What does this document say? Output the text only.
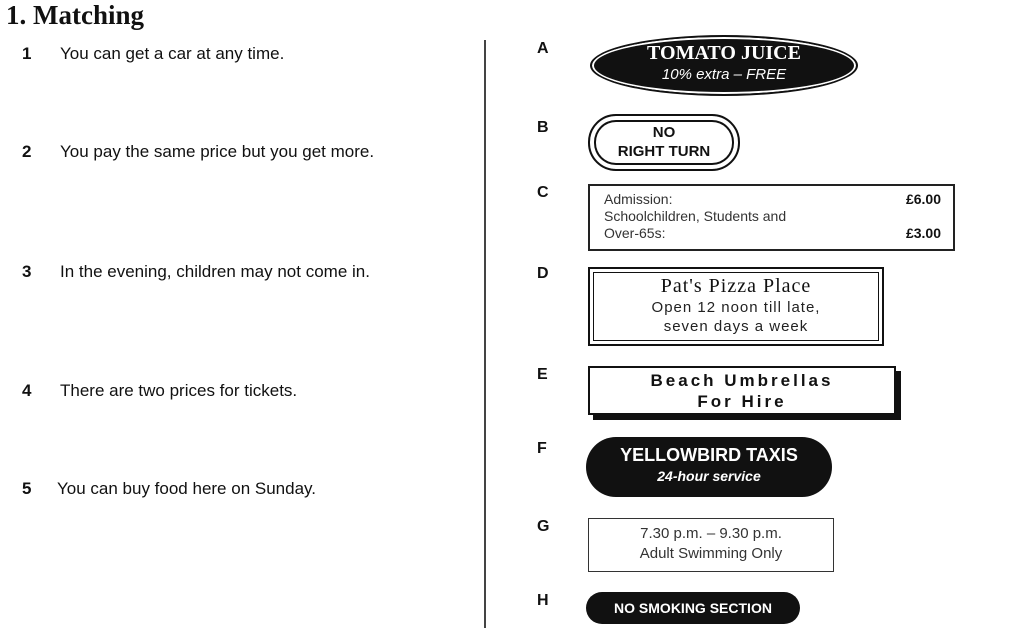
1. Matching
1	You can get a car at any time.
2	You pay the same price but you get more.
3	In the evening, children may not come in.
4	There are two prices for tickets.
5	You can buy food here on Sunday.
A
B
C
D
E
F
G
H
TOMATO JUICE
10% extra – FREE
NO
RIGHT TURN
Admission:	£6.00
Schoolchildren, Students and
Over-65s:	£3.00
Pat's Pizza Place
Open 12 noon till late,
seven days a week
Beach Umbrellas
For Hire
YELLOWBIRD TAXIS
24-hour service
7.30 p.m. – 9.30 p.m.
Adult Swimming Only
NO SMOKING SECTION
